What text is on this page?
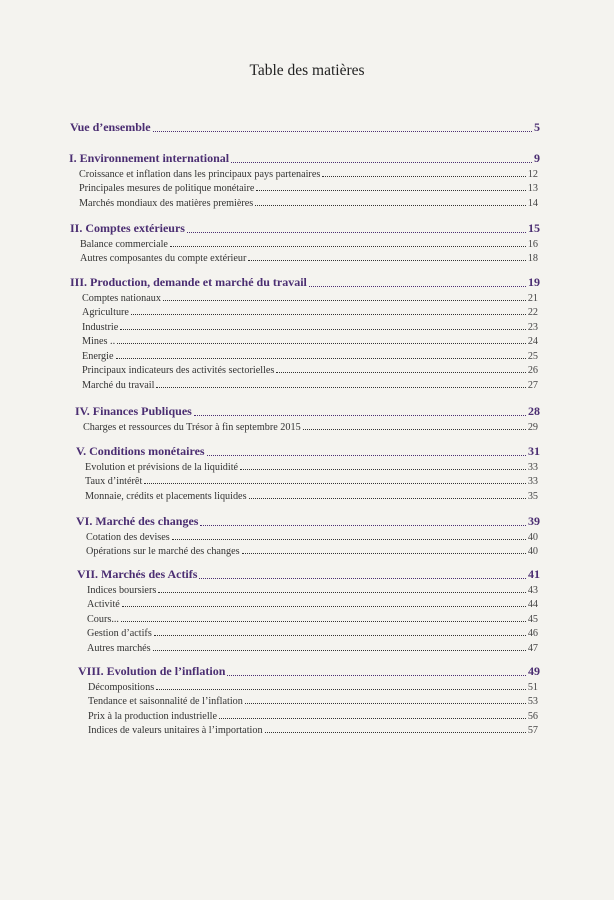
Table des matières
Vue d’ensemble	5
I. Environnement international	9
Croissance et inflation dans les principaux pays partenaires	12
Principales mesures de politique monétaire	13
Marchés mondiaux des matières premières	14
II. Comptes extérieurs	15
Balance commerciale	16
Autres composantes du compte extérieur	18
III. Production, demande et marché du travail	19
Comptes nationaux	21
Agriculture	22
Industrie	23
Mines ..	24
Energie	25
Principaux indicateurs des activités sectorielles	26
Marché du travail	27
IV. Finances Publiques	28
Charges et ressources du Trésor à fin septembre 2015	29
V. Conditions monétaires	31
Evolution et prévisions de la liquidité	33
Taux d’intérêt	33
Monnaie, crédits et placements liquides	35
VI. Marché des changes	39
Cotation des devises	40
Opérations sur le marché des changes	40
VII. Marchés des Actifs	41
Indices boursiers	43
Activité	44
Cours...	45
Gestion d’actifs	46
Autres marchés	47
VIII. Evolution de l’inflation	49
Décompositions	51
Tendance et saisonnalité de l’inflation	53
Prix à la production industrielle	56
Indices de valeurs unitaires à l’importation	57
